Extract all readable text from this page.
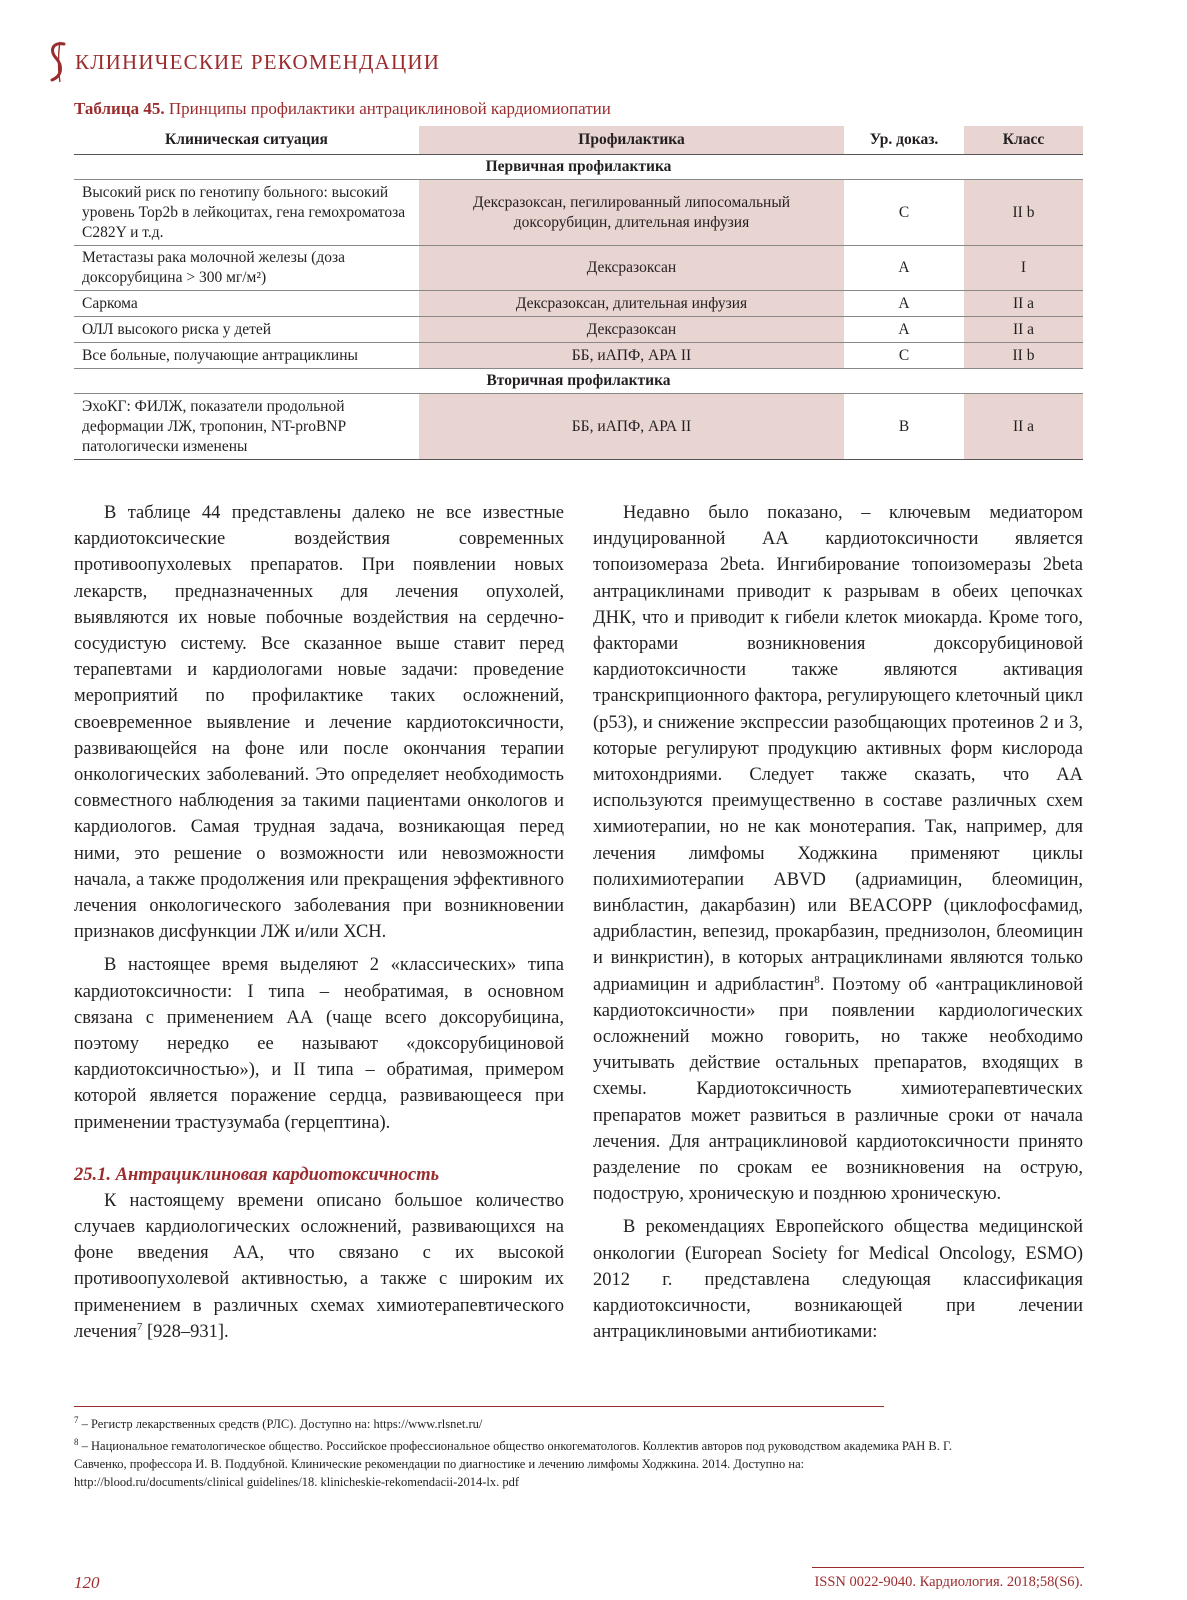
КЛИНИЧЕСКИЕ РЕКОМЕНДАЦИИ
Таблица 45. Принципы профилактики антрациклиновой кардиомиопатии
Клиническая ситуация	Профилактика	Ур. доказ.	Класс
Первичная профилактика			
Высокий риск по генотипу больного: высокий уровень Top2b в лейкоцитах, гена гемохроматоза C282Y и т.д.	Дексразоксан, пегилированный липосомальный доксорубицин, длительная инфузия	C	II b
Метастазы рака молочной железы (доза доксорубицина > 300 мг/м²)	Дексразоксан	A	I
Саркома	Дексразоксан, длительная инфузия	A	II a
ОЛЛ высокого риска у детей	Дексразоксан	A	II a
Все больные, получающие антрациклины	ББ, иАПФ, АРА II	C	II b
Вторичная профилактика			
ЭхоКГ: ФИЛЖ, показатели продольной деформации ЛЖ, тропонин, NT-proBNP патологически изменены	ББ, иАПФ, АРА II	B	II a

В таблице 44 представлены далеко не все известные кардиотоксические воздействия современных противоопухолевых препаратов. При появлении новых лекарств, предназначенных для лечения опухолей, выявляются их новые побочные воздействия на сердечно-сосудистую систему. Все сказанное выше ставит перед терапевтами и кардиологами новые задачи: проведение мероприятий по профилактике таких осложнений, своевременное выявление и лечение кардиотоксичности, развивающейся на фоне или после окончания терапии онкологических заболеваний. Это определяет необходимость совместного наблюдения за такими пациентами онкологов и кардиологов. Самая трудная задача, возникающая перед ними, это решение о возможности или невозможности начала, а также продолжения или прекращения эффективного лечения онкологического заболевания при возникновении признаков дисфункции ЛЖ и/или ХСН.

В настоящее время выделяют 2 «классических» типа кардиотоксичности: I типа – необратимая, в основном связана с применением АА (чаще всего доксорубицина, поэтому нередко ее называют «доксорубициновой кардиотоксичностью»), и II типа – обратимая, примером которой является поражение сердца, развивающееся при применении трастузумаба (герцептина).

25.1. Антрациклиновая кардиотоксичность

К настоящему времени описано большое количество случаев кардиологических осложнений, развивающихся на фоне введения АА, что связано с их высокой противоопухолевой активностью, а также с широким их применением в различных схемах химиотерапевтического лечения$^7$ [928–931].

Недавно было показано, – ключевым медиатором индуцированной АА кардиотоксичности является топоизомераза 2beta. Ингибирование топоизомеразы 2beta антрациклинами приводит к разрывам в обеих цепочках ДНК, что и приводит к гибели клеток миокарда. Кроме того, факторами возникновения доксорубициновой кардиотоксичности также являются активация транскрипционного фактора, регулирующего клеточный цикл (p53), и снижение экспрессии разобщающих протеинов 2 и 3, которые регулируют продукцию активных форм кислорода митохондриями. Следует также сказать, что АА используются преимущественно в составе различных схем химиотерапии, но не как монотерапия. Так, например, для лечения лимфомы Ходжкина применяют циклы полихимиотерапии ABVD (адриамицин, блеомицин, винбластин, дакарбазин) или BEACOPP (циклофосфамид, адрибластин, вепезид, прокарбазин, преднизолон, блеомицин и винкристин), в которых антрациклинами являются только адриамицин и адрибластин$^8$. Поэтому об «антрациклиновой кардиотоксичности» при появлении кардиологических осложнений можно говорить, но также необходимо учитывать действие остальных препаратов, входящих в схемы. Кардиотоксичность химиотерапевтических препаратов может развиться в различные сроки от начала лечения. Для антрациклиновой кардиотоксичности принято разделение по срокам ее возникновения на острую, подострую, хроническую и позднюю хроническую.

В рекомендациях Европейского общества медицинской онкологии (European Society for Medical Oncology, ESMO) 2012 г. представлена следующая классификация кардиотоксичности, возникающей при лечении антрациклиновыми антибиотиками:

$^7$ – Регистр лекарственных средств (РЛС). Доступно на: https://www.rlsnet.ru/

$^8$ – Национальное гематологическое общество. Российское профессиональное общество онкогематологов. Коллектив авторов под руководством академика РАН В. Г. Савченко, профессора И. В. Поддубной. Клинические рекомендации по диагностике и лечению лимфомы Ходжкина. 2014. Доступно на: http://blood.ru/documents/clinical guidelines/18. klinicheskie-rekomendacii-2014-lx. pdf

120	ISSN 0022-9040. Кардиология. 2018;58(S6).
